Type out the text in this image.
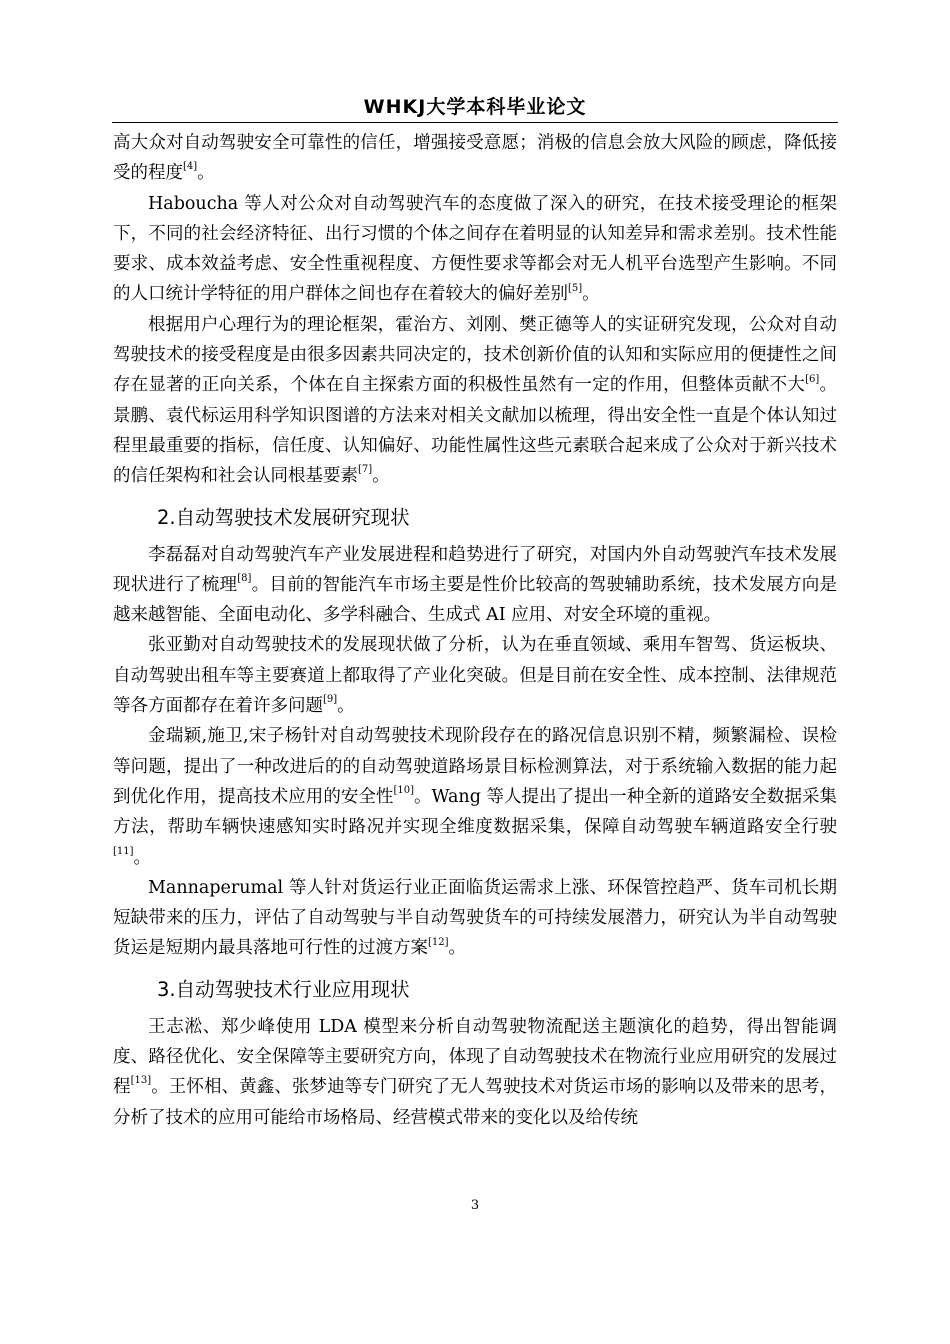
WHKJ大学本科毕业论文

高大众对自动驾驶安全可靠性的信任，增强接受意愿；消极的信息会放大风险的顾虑，降低接受的程度[4]。

Haboucha 等人对公众对自动驾驶汽车的态度做了深入的研究，在技术接受理论的框架下，不同的社会经济特征、出行习惯的个体之间存在着明显的认知差异和需求差别。技术性能要求、成本效益考虑、安全性重视程度、方便性要求等都会对无人机平台选型产生影响。不同的人口统计学特征的用户群体之间也存在着较大的偏好差别[5]。

根据用户心理行为的理论框架，霍治方、刘刚、樊正德等人的实证研究发现，公众对自动驾驶技术的接受程度是由很多因素共同决定的，技术创新价值的认知和实际应用的便捷性之间存在显著的正向关系，个体在自主探索方面的积极性虽然有一定的作用，但整体贡献不大[6]。景鹏、袁代标运用科学知识图谱的方法来对相关文献加以梳理，得出安全性一直是个体认知过程里最重要的指标，信任度、认知偏好、功能性属性这些元素联合起来成了公众对于新兴技术的信任架构和社会认同根基要素[7]。

2.自动驾驶技术发展研究现状

李磊磊对自动驾驶汽车产业发展进程和趋势进行了研究，对国内外自动驾驶汽车技术发展现状进行了梳理[8]。目前的智能汽车市场主要是性价比较高的驾驶辅助系统，技术发展方向是越来越智能、全面电动化、多学科融合、生成式 AI 应用、对安全环境的重视。

张亚勤对自动驾驶技术的发展现状做了分析，认为在垂直领域、乘用车智驾、货运板块、自动驾驶出租车等主要赛道上都取得了产业化突破。但是目前在安全性、成本控制、法律规范等各方面都存在着许多问题[9]。

金瑞颖,施卫,宋子杨针对自动驾驶技术现阶段存在的路况信息识别不精，频繁漏检、误检等问题，提出了一种改进后的的自动驾驶道路场景目标检测算法，对于系统输入数据的能力起到优化作用，提高技术应用的安全性[10]。Wang 等人提出了提出一种全新的道路安全数据采集方法，帮助车辆快速感知实时路况并实现全维度数据采集，保障自动驾驶车辆道路安全行驶[11]。

Mannaperumal 等人针对货运行业正面临货运需求上涨、环保管控趋严、货车司机长期短缺带来的压力，评估了自动驾驶与半自动驾驶货车的可持续发展潜力，研究认为半自动驾驶货运是短期内最具落地可行性的过渡方案[12]。

3.自动驾驶技术行业应用现状

王志淞、郑少峰使用 LDA 模型来分析自动驾驶物流配送主题演化的趋势，得出智能调度、路径优化、安全保障等主要研究方向，体现了自动驾驶技术在物流行业应用研究的发展过程[13]。王怀相、黄鑫、张梦迪等专门研究了无人驾驶技术对货运市场的影响以及带来的思考，分析了技术的应用可能给市场格局、经营模式带来的变化以及给传统

3
